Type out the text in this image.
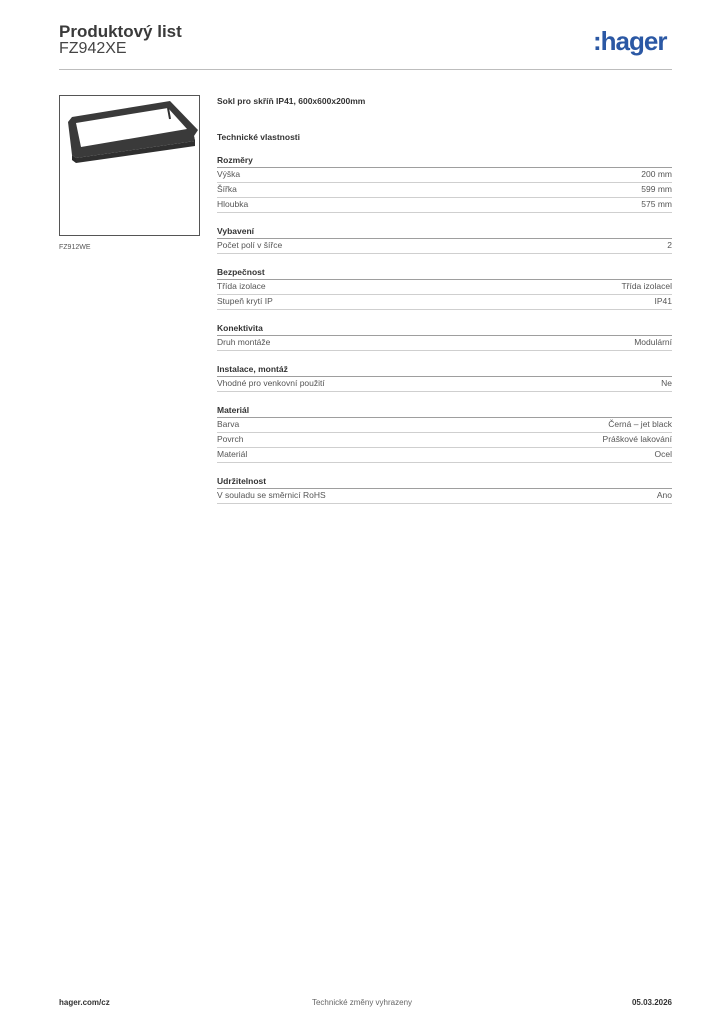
Produktový list
FZ942XE	:hager
FZ912WE
Sokl pro skříň IP41, 600x600x200mm
Technické vlastnosti
Rozměry
Výška	200 mm
Šířka	599 mm
Hloubka	575 mm
Vybavení
Počet polí v šířce	2
Bezpečnost
Třída izolace	Třída izolacel
Stupeň krytí IP	IP41
Konektivita
Druh montáže	Modulární
Instalace, montáž
Vhodné pro venkovní použití	Ne
Materiál
Barva	Černá – jet black
Povrch	Práškové lakování
Materiál	Ocel
Udržitelnost
V souladu se směrnicí RoHS	Ano
hager.com/cz	Technické změny vyhrazeny	05.03.2026
